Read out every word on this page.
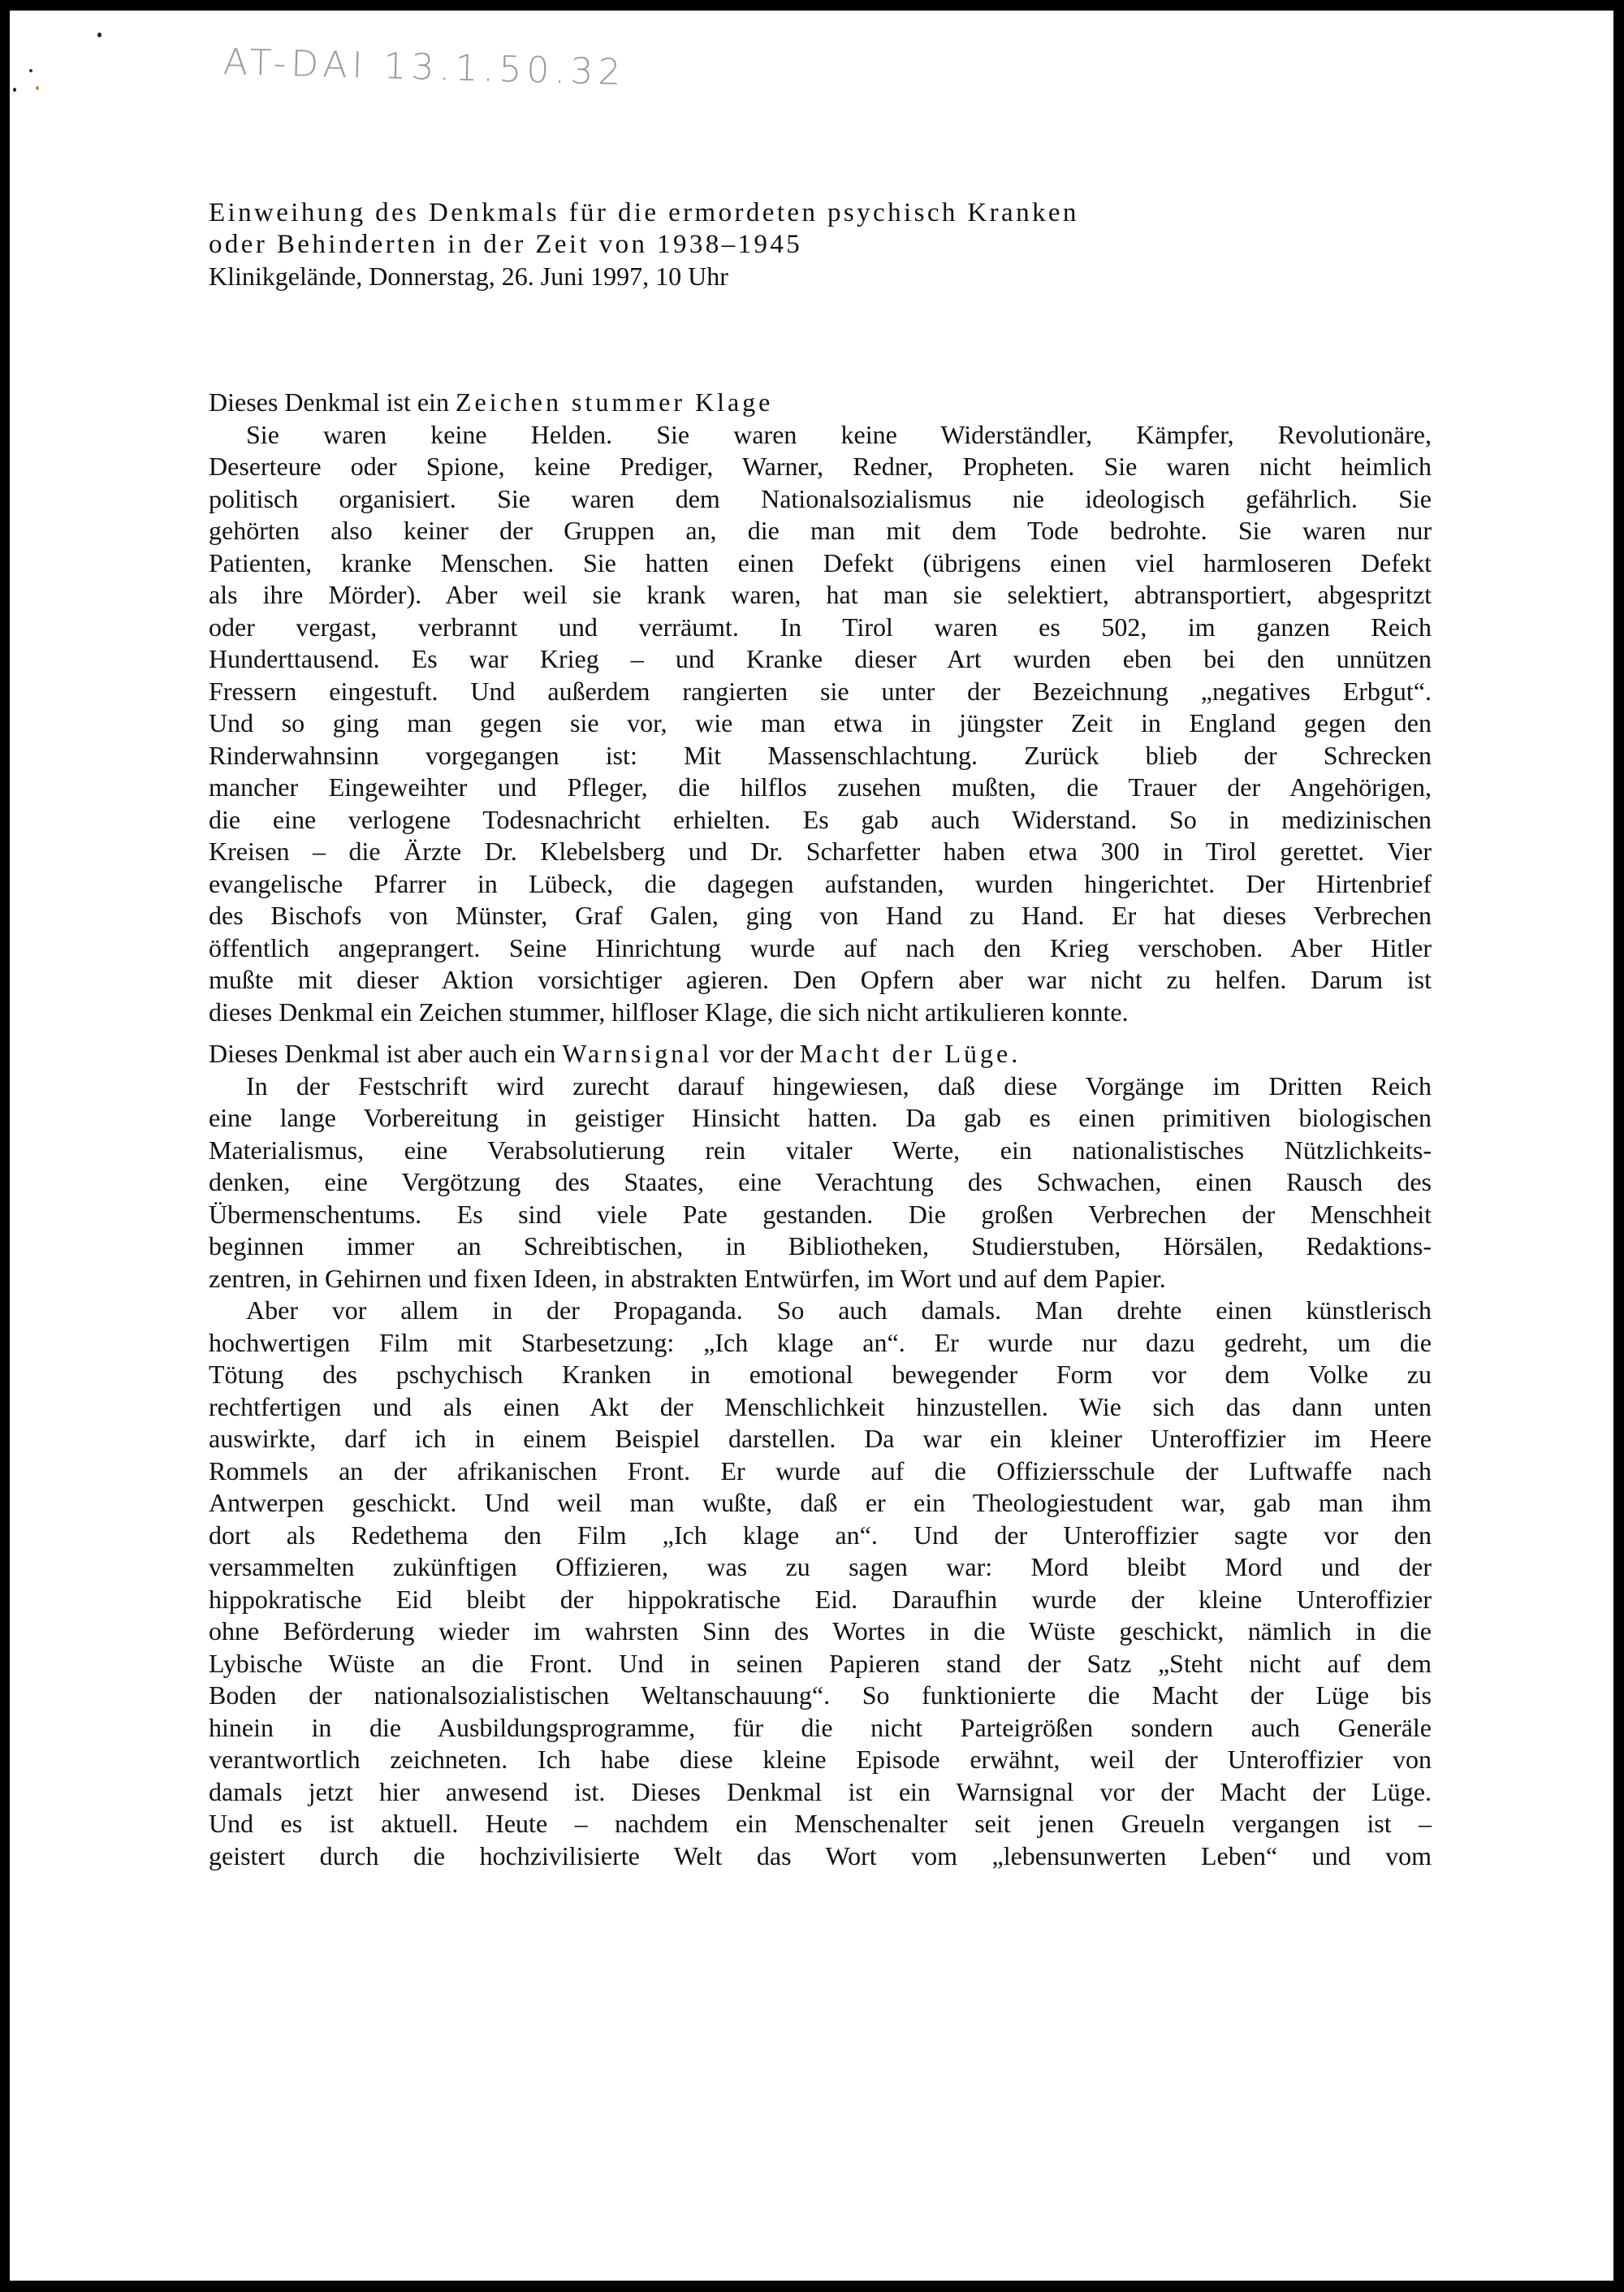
AT-DAI 13.1.50.32
Einweihung des Denkmals für die ermordeten psychisch Kranken
oder Behinderten in der Zeit von 1938–1945
Klinikgelände, Donnerstag, 26. Juni 1997, 10 Uhr
Dieses Denkmal ist ein Zeichen stummer Klage
Sie waren keine Helden. Sie waren keine Widerständler, Kämpfer, Revolutionäre,
Deserteure oder Spione, keine Prediger, Warner, Redner, Propheten. Sie waren nicht heimlich
politisch organisiert. Sie waren dem Nationalsozialismus nie ideologisch gefährlich. Sie
gehörten also keiner der Gruppen an, die man mit dem Tode bedrohte. Sie waren nur
Patienten, kranke Menschen. Sie hatten einen Defekt (übrigens einen viel harmloseren Defekt
als ihre Mörder). Aber weil sie krank waren, hat man sie selektiert, abtransportiert, abgespritzt
oder vergast, verbrannt und verräumt. In Tirol waren es 502, im ganzen Reich
Hunderttausend. Es war Krieg – und Kranke dieser Art wurden eben bei den unnützen
Fressern eingestuft. Und außerdem rangierten sie unter der Bezeichnung „negatives Erbgut“.
Und so ging man gegen sie vor, wie man etwa in jüngster Zeit in England gegen den
Rinderwahnsinn vorgegangen ist: Mit Massenschlachtung. Zurück blieb der Schrecken
mancher Eingeweihter und Pfleger, die hilflos zusehen mußten, die Trauer der Angehörigen,
die eine verlogene Todesnachricht erhielten. Es gab auch Widerstand. So in medizinischen
Kreisen – die Ärzte Dr. Klebelsberg und Dr. Scharfetter haben etwa 300 in Tirol gerettet. Vier
evangelische Pfarrer in Lübeck, die dagegen aufstanden, wurden hingerichtet. Der Hirtenbrief
des Bischofs von Münster, Graf Galen, ging von Hand zu Hand. Er hat dieses Verbrechen
öffentlich angeprangert. Seine Hinrichtung wurde auf nach den Krieg verschoben. Aber Hitler
mußte mit dieser Aktion vorsichtiger agieren. Den Opfern aber war nicht zu helfen. Darum ist
dieses Denkmal ein Zeichen stummer, hilfloser Klage, die sich nicht artikulieren konnte.
Dieses Denkmal ist aber auch ein Warnsignal vor der Macht der Lüge.
In der Festschrift wird zurecht darauf hingewiesen, daß diese Vorgänge im Dritten Reich
eine lange Vorbereitung in geistiger Hinsicht hatten. Da gab es einen primitiven biologischen
Materialismus, eine Verabsolutierung rein vitaler Werte, ein nationalistisches Nützlichkeits-
denken, eine Vergötzung des Staates, eine Verachtung des Schwachen, einen Rausch des
Übermenschentums. Es sind viele Pate gestanden. Die großen Verbrechen der Menschheit
beginnen immer an Schreibtischen, in Bibliotheken, Studierstuben, Hörsälen, Redaktions-
zentren, in Gehirnen und fixen Ideen, in abstrakten Entwürfen, im Wort und auf dem Papier.
Aber vor allem in der Propaganda. So auch damals. Man drehte einen künstlerisch
hochwertigen Film mit Starbesetzung: „Ich klage an“. Er wurde nur dazu gedreht, um die
Tötung des pschychisch Kranken in emotional bewegender Form vor dem Volke zu
rechtfertigen und als einen Akt der Menschlichkeit hinzustellen. Wie sich das dann unten
auswirkte, darf ich in einem Beispiel darstellen. Da war ein kleiner Unteroffizier im Heere
Rommels an der afrikanischen Front. Er wurde auf die Offiziersschule der Luftwaffe nach
Antwerpen geschickt. Und weil man wußte, daß er ein Theologiestudent war, gab man ihm
dort als Redethema den Film „Ich klage an“. Und der Unteroffizier sagte vor den
versammelten zukünftigen Offizieren, was zu sagen war: Mord bleibt Mord und der
hippokratische Eid bleibt der hippokratische Eid. Daraufhin wurde der kleine Unteroffizier
ohne Beförderung wieder im wahrsten Sinn des Wortes in die Wüste geschickt, nämlich in die
Lybische Wüste an die Front. Und in seinen Papieren stand der Satz „Steht nicht auf dem
Boden der nationalsozialistischen Weltanschauung“. So funktionierte die Macht der Lüge bis
hinein in die Ausbildungsprogramme, für die nicht Parteigrößen sondern auch Generäle
verantwortlich zeichneten. Ich habe diese kleine Episode erwähnt, weil der Unteroffizier von
damals jetzt hier anwesend ist. Dieses Denkmal ist ein Warnsignal vor der Macht der Lüge.
Und es ist aktuell. Heute – nachdem ein Menschenalter seit jenen Greueln vergangen ist –
geistert durch die hochzivilisierte Welt das Wort vom „lebensunwerten Leben“ und vom
